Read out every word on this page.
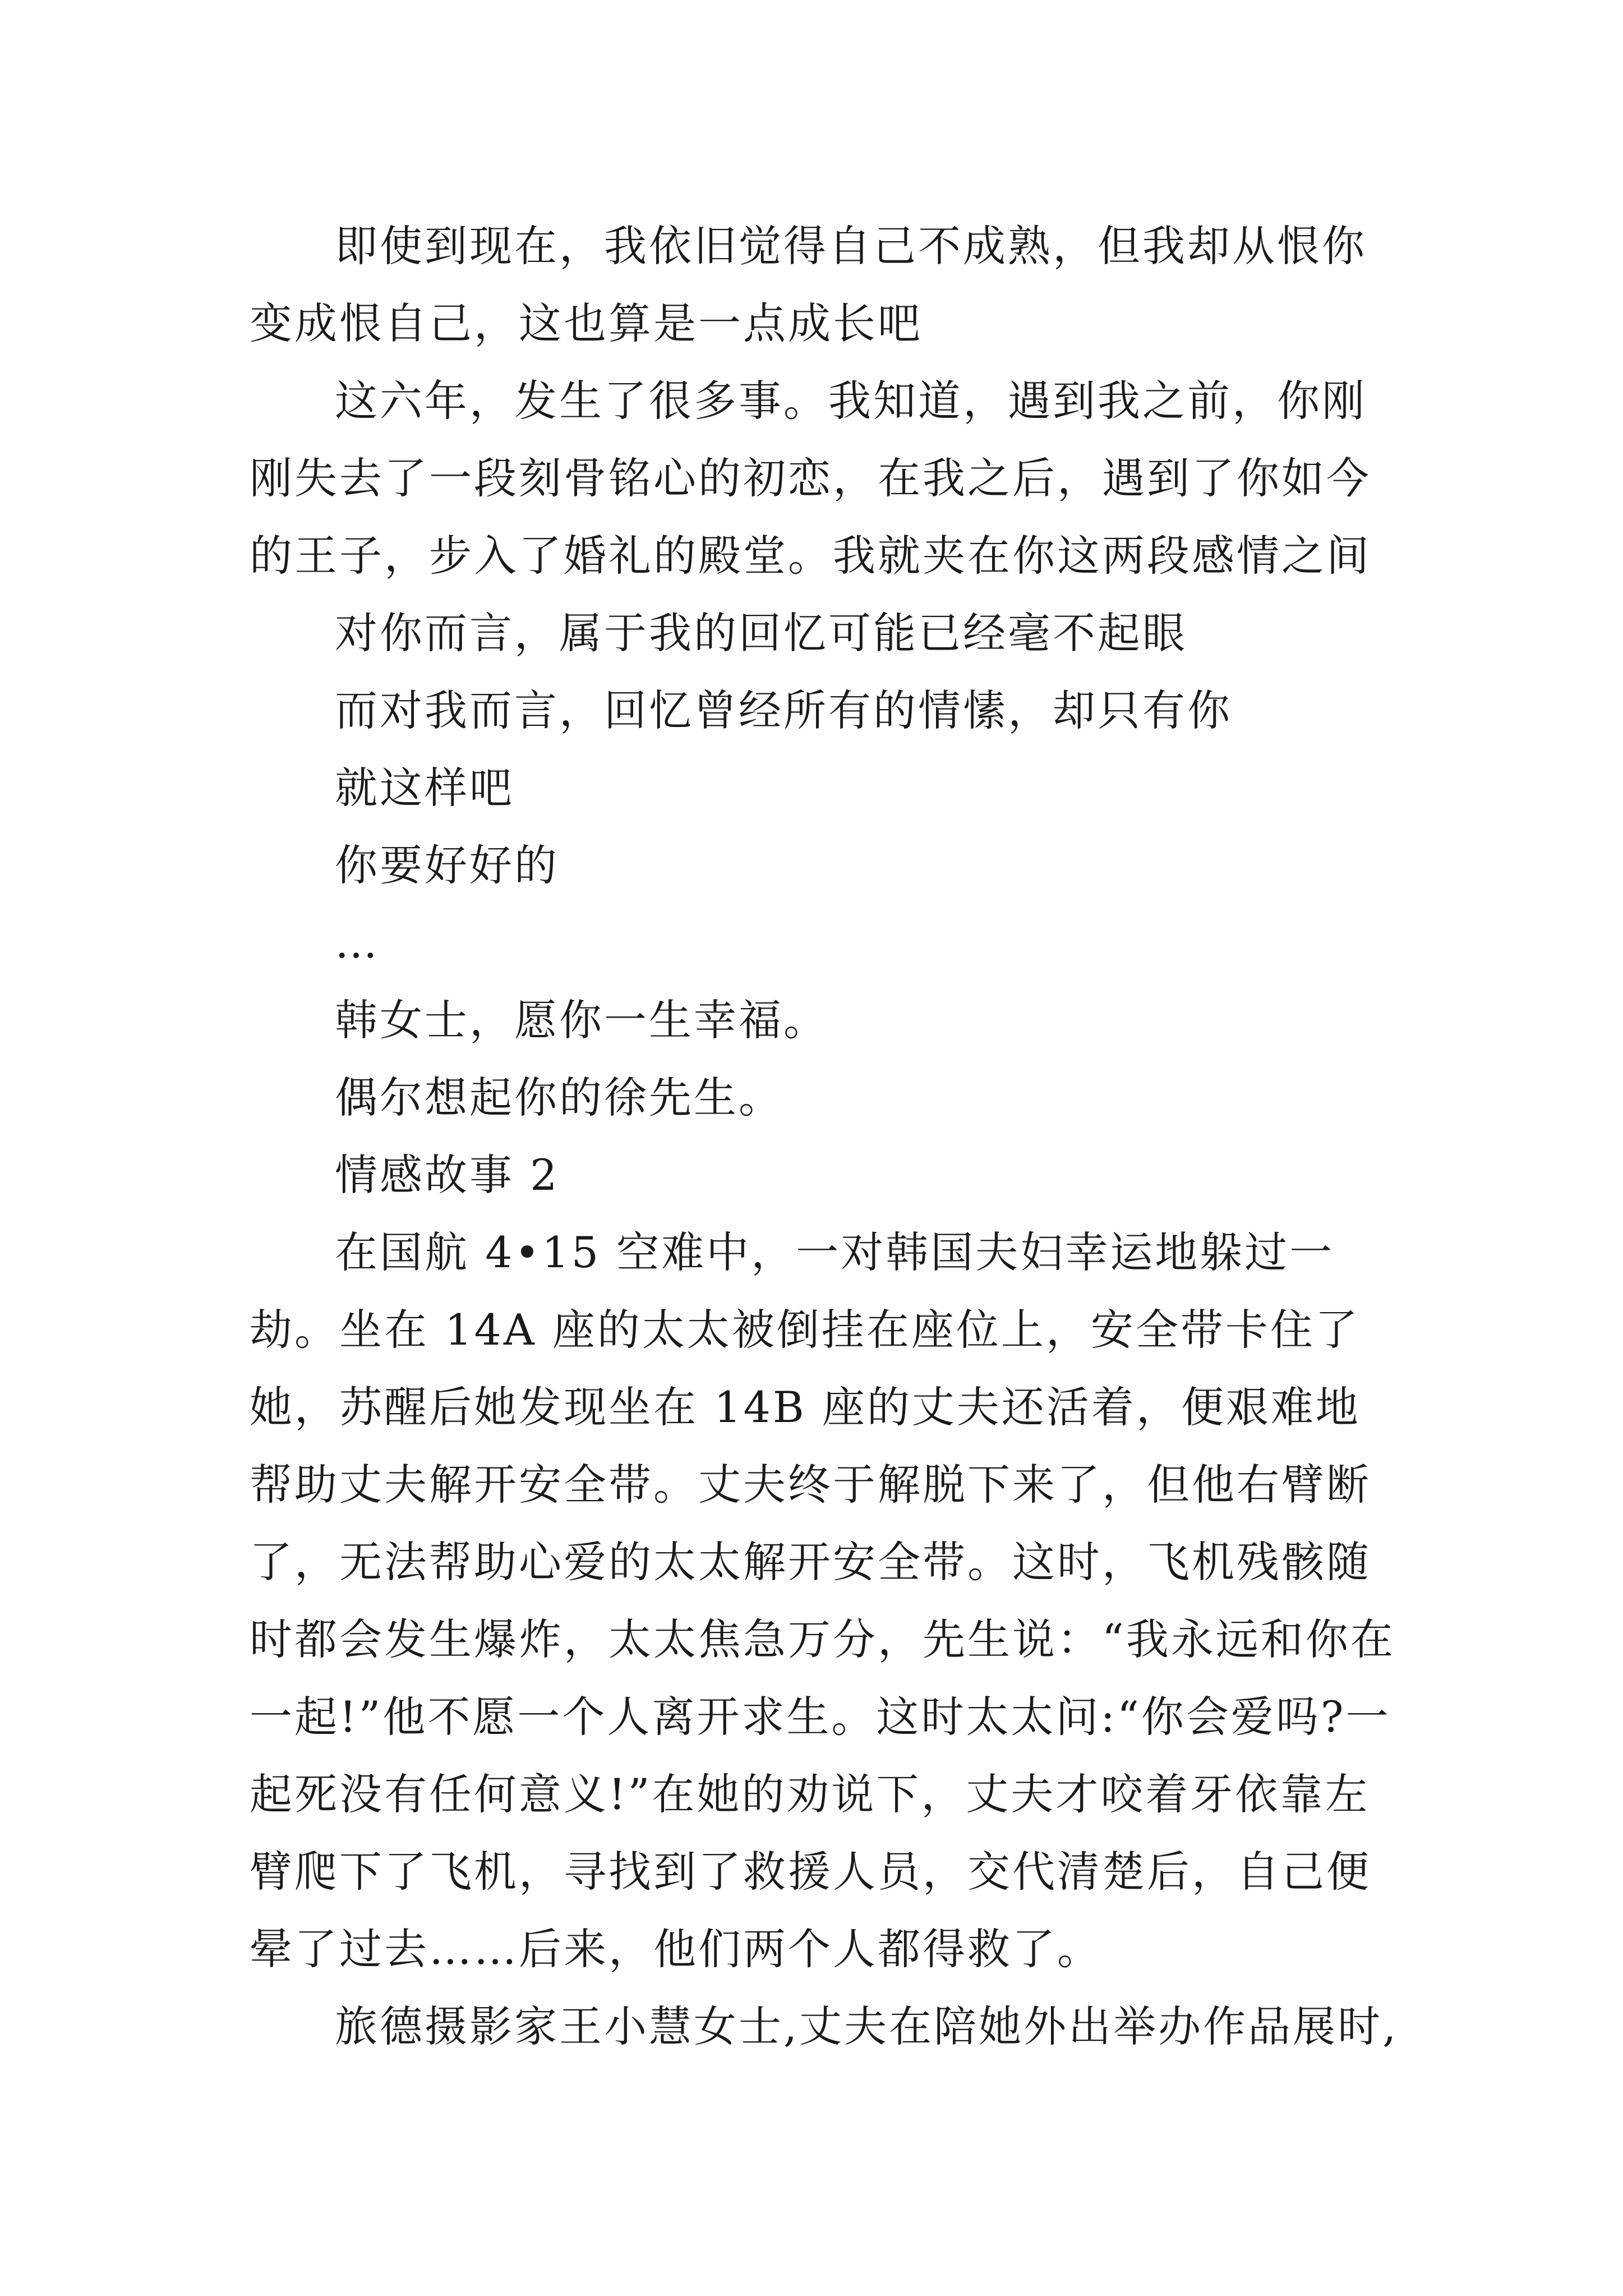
即使到现在，我依旧觉得自己不成熟，但我却从恨你变成恨自己，这也算是一点成长吧

这六年，发生了很多事。我知道，遇到我之前，你刚刚失去了一段刻骨铭心的初恋，在我之后，遇到了你如今的王子，步入了婚礼的殿堂。我就夹在你这两段感情之间

对你而言，属于我的回忆可能已经毫不起眼

而对我而言，回忆曾经所有的情愫，却只有你

就这样吧

你要好好的

…

韩女士，愿你一生幸福。

偶尔想起你的徐先生。

情感故事 2

在国航 4•15 空难中，一对韩国夫妇幸运地躲过一劫。坐在 14A 座的太太被倒挂在座位上，安全带卡住了她，苏醒后她发现坐在 14B 座的丈夫还活着，便艰难地帮助丈夫解开安全带。丈夫终于解脱下来了，但他右臂断了，无法帮助心爱的太太解开安全带。这时，飞机残骸随时都会发生爆炸，太太焦急万分，先生说：“我永远和你在一起!”他不愿一个人离开求生。这时太太问:“你会爱吗?一起死没有任何意义!”在她的劝说下，丈夫才咬着牙依靠左臂爬下了飞机，寻找到了救援人员，交代清楚后，自己便晕了过去……后来，他们两个人都得救了。

旅德摄影家王小慧女士,丈夫在陪她外出举办作品展时,
